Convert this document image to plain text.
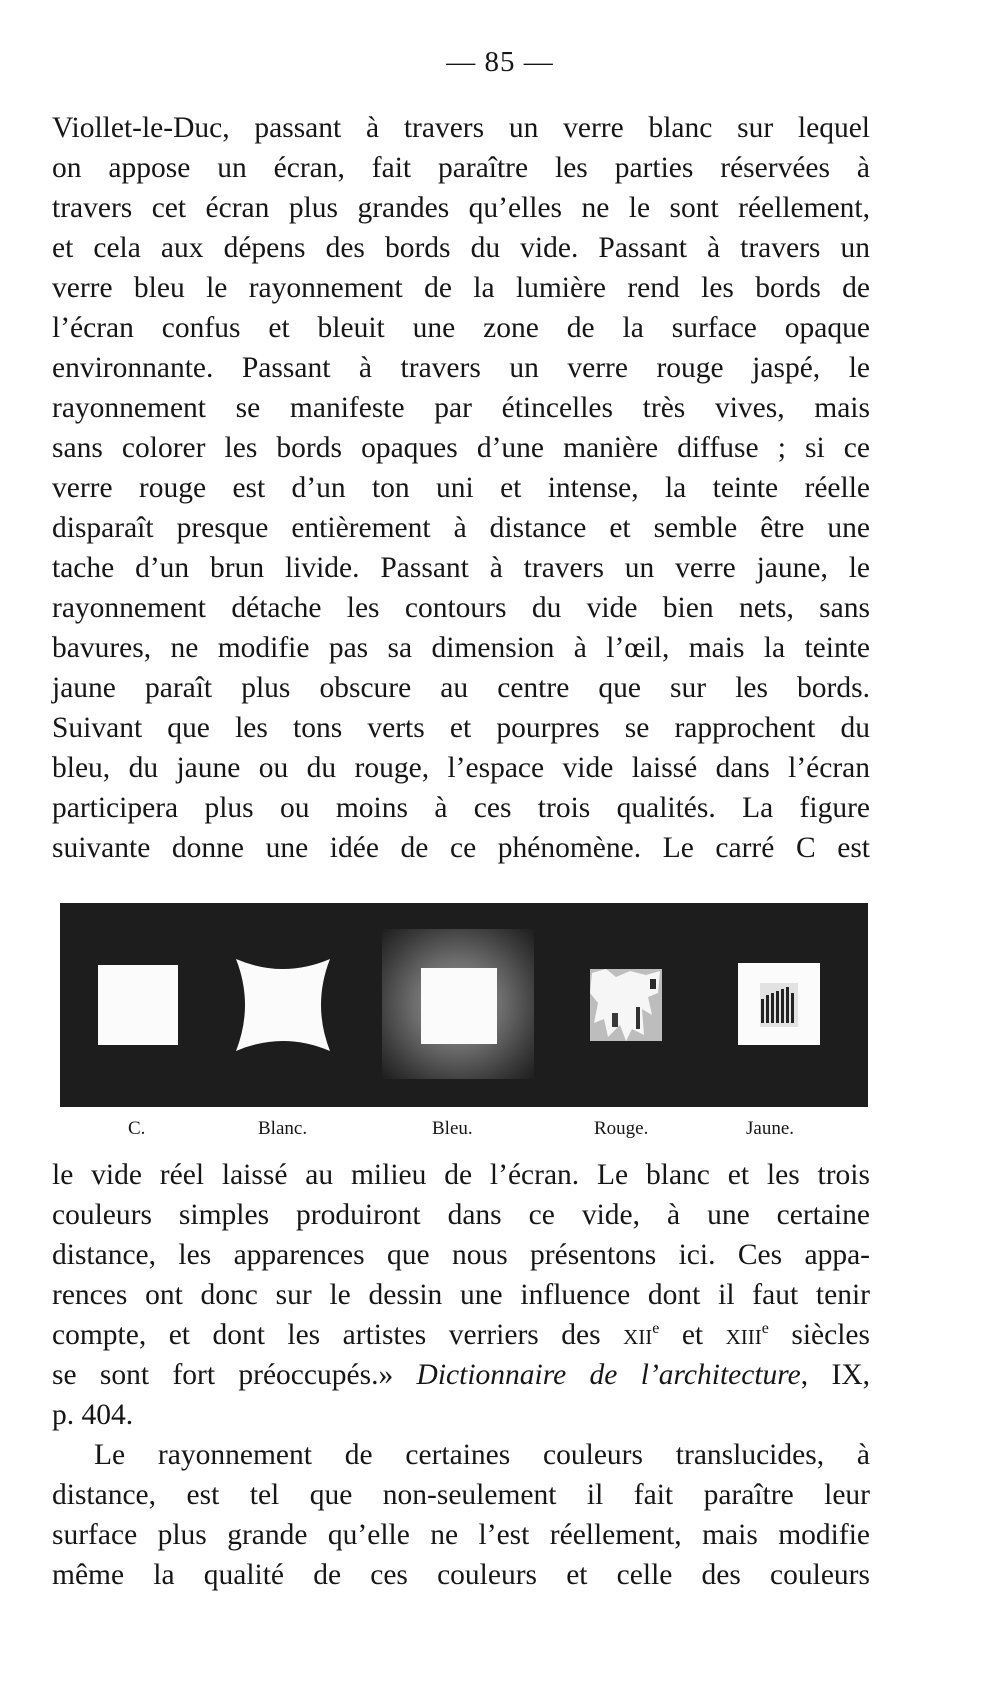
— 85 —
Viollet-le-Duc, passant à travers un verre blanc sur lequel
on appose un écran, fait paraître les parties réservées à
travers cet écran plus grandes qu’elles ne le sont réellement,
et cela aux dépens des bords du vide. Passant à travers un
verre bleu le rayonnement de la lumière rend les bords de
l’écran confus et bleuit une zone de la surface opaque
environnante. Passant à travers un verre rouge jaspé, le
rayonnement se manifeste par étincelles très vives, mais
sans colorer les bords opaques d’une manière diffuse ; si ce
verre rouge est d’un ton uni et intense, la teinte réelle
disparaît presque entièrement à distance et semble être une
tache d’un brun livide. Passant à travers un verre jaune, le
rayonnement détache les contours du vide bien nets, sans
bavures, ne modifie pas sa dimension à l’œil, mais la teinte
jaune paraît plus obscure au centre que sur les bords.
Suivant que les tons verts et pourpres se rapprochent du
bleu, du jaune ou du rouge, l’espace vide laissé dans l’écran
participera plus ou moins à ces trois qualités. La figure
suivante donne une idée de ce phénomène. Le carré C est
C.	Blanc.	Bleu.	Rouge.	Jaune.
le vide réel laissé au milieu de l’écran. Le blanc et les trois
couleurs simples produiront dans ce vide, à une certaine
distance, les apparences que nous présentons ici. Ces appa-
rences ont donc sur le dessin une influence dont il faut tenir
compte, et dont les artistes verriers des xii$^e$ et xiii$^e$ siècles
se sont fort préoccupés.» Dictionnaire de l’architecture, IX,
p. 404.
Le rayonnement de certaines couleurs translucides, à
distance, est tel que non-seulement il fait paraître leur
surface plus grande qu’elle ne l’est réellement, mais modifie
même la qualité de ces couleurs et celle des couleurs
